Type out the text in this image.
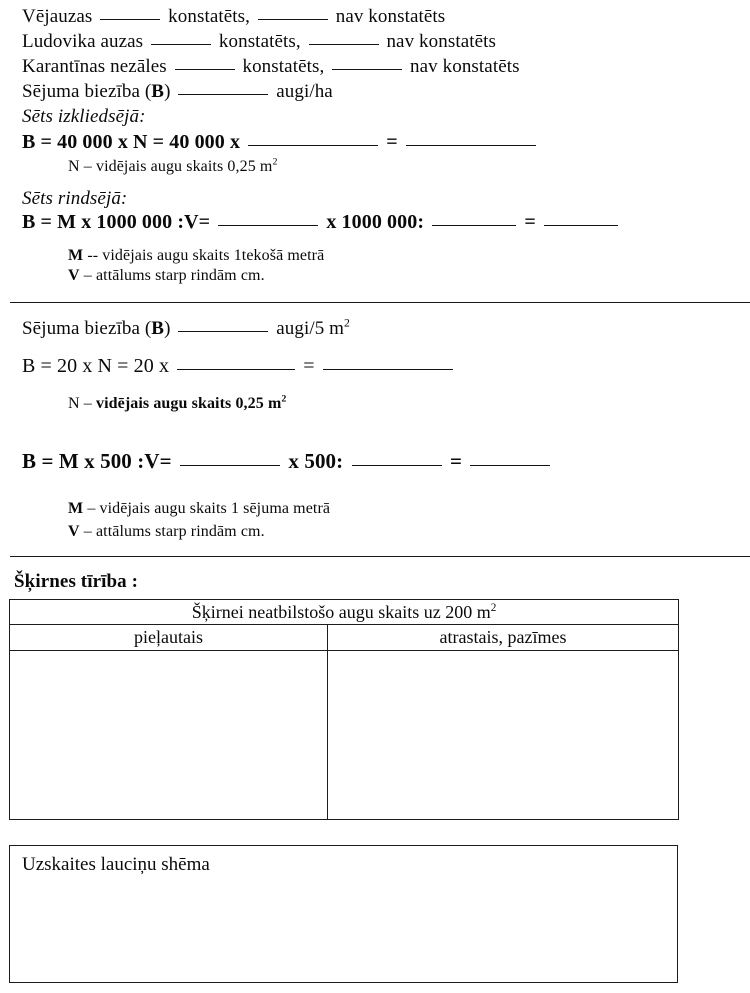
Vējauzas	konstatēts,	nav konstatēts
Ludovika auzas	konstatēts,	nav konstatēts
Karantīnas nezāles	konstatēts,	nav konstatēts
Sējuma biezība (B)	augi/ha
Sēts izkliedsējā:
B = 40 000 x N = 40 000 x	=
N – vidējais augu skaits 0,25 $m^2$
Sēts rindsējā:
B = M x 1000 000 :V=	x 1000 000:	=
M -- vidējais augu skaits 1tekošā metrā
V – attālums starp rindām cm.
Sējuma biezība (B)	augi/5 $m^2$
B = 20 x N = 20 x	=
N – vidējais augu skaits 0,25 $m^2$
B = M x 500 :V=	x 500:	=
M – vidējais augu skaits 1 sējuma metrā
V – attālums starp rindām cm.
Šķirnes tīrība :
Šķirnei neatbilstošo augu skaits uz 200 $m^2$
pieļautais	atrastais, pazīmes

Uzskaites lauciņu shēma
